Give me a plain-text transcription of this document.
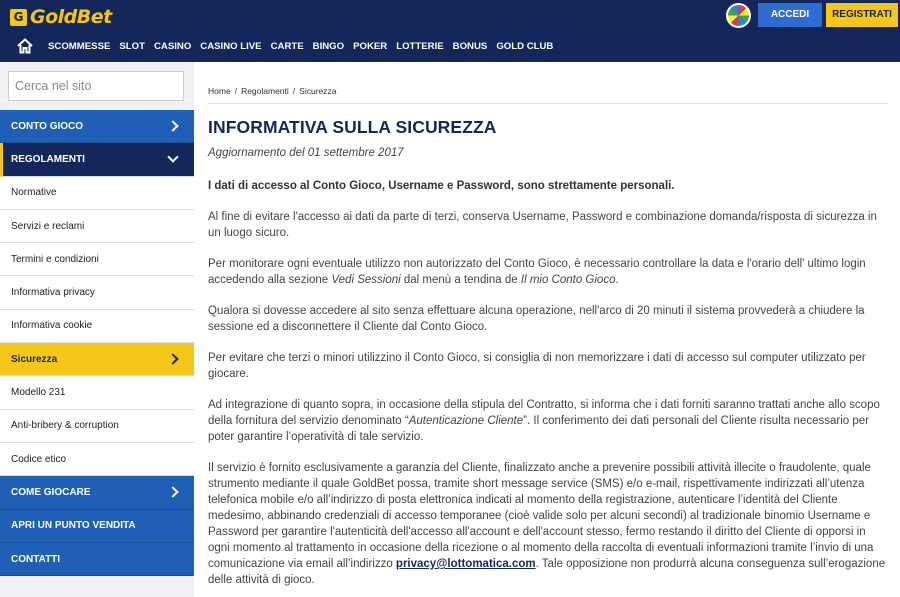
G GoldBet	ACCEDI	REGISTRATI
SCOMMESSE SLOT CASINO CASINO LIVE CARTE BINGO POKER LOTTERIE BONUS GOLD CLUB
Cerca nel sito
CONTO GIOCO
REGOLAMENTI
Normative
Servizi e reclami
Termini e condizioni
Informativa privacy
Informativa cookie
Sicurezza
Modello 231
Anti-bribery & corruption
Codice etico
COME GIOCARE
APRI UN PUNTO VENDITA
CONTATTI
Home / Regolamenti / Sicurezza
INFORMATIVA SULLA SICUREZZA
Aggiornamento del 01 settembre 2017

I dati di accesso al Conto Gioco, Username e Password, sono strettamente personali.

Al fine di evitare l'accesso ai dati da parte di terzi, conserva Username, Password e combinazione domanda/risposta di sicurezza in un luogo sicuro.

Per monitorare ogni eventuale utilizzo non autorizzato del Conto Gioco, è necessario controllare la data e l'orario dell' ultimo login accedendo alla sezione Vedi Sessioni dal menù a tendina de Il mio Conto Gioco.

Qualora si dovesse accedere al sito senza effettuare alcuna operazione, nell'arco di 20 minuti il sistema provvederà a chiudere la sessione ed a disconnettere il Cliente dal Conto Gioco.

Per evitare che terzi o minori utilizzino il Conto Gioco, si consiglia di non memorizzare i dati di accesso sul computer utilizzato per giocare.

Ad integrazione di quanto sopra, in occasione della stipula del Contratto, si informa che i dati forniti saranno trattati anche allo scopo della fornitura del servizio denominato “Autenticazione Cliente”. Il conferimento dei dati personali del Cliente risulta necessario per poter garantire l’operatività di tale servizio.

Il servizio è fornito esclusivamente a garanzia del Cliente, finalizzato anche a prevenire possibili attività illecite o fraudolente, quale strumento mediante il quale GoldBet possa, tramite short message service (SMS) e/o e-mail, rispettivamente indirizzati all’utenza telefonica mobile e/o all’indirizzo di posta elettronica indicati al momento della registrazione, autenticare l’identità del Cliente medesimo, abbinando credenziali di accesso temporanee (cioè valide solo per alcuni secondi) al tradizionale binomio Username e Password per garantire l'autenticità dell'accesso all'account e dell'account stesso, fermo restando il diritto del Cliente di opporsi in ogni momento al trattamento in occasione della ricezione o al momento della raccolta di eventuali informazioni tramite l’invio di una comunicazione via email all’indirizzo privacy@lottomatica.com. Tale opposizione non produrrà alcuna conseguenza sull’erogazione delle attività di gioco.
